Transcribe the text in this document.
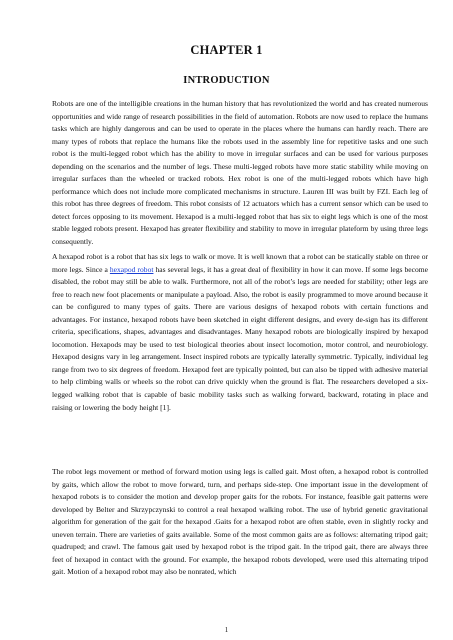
CHAPTER 1
INTRODUCTION

Robots are one of the intelligible creations in the human history that has revolutionized the world and has created numerous opportunities and wide range of research possibilities in the field of automation. Robots are now used to replace the humans tasks which are highly dangerous and can be used to operate in the places where the humans can hardly reach. There are many types of robots that replace the humans like the robots used in the assembly line for repetitive tasks and one such robot is the multi-legged robot which has the ability to move in irregular surfaces and can be used for various purposes depending on the scenarios and the number of legs. These multi-legged robots have more static stability while moving on irregular surfaces than the wheeled or tracked robots. Hex robot is one of the multi-legged robots which have high performance which does not include more complicated mechanisms in structure. Lauren III was built by FZI. Each leg of this robot has three degrees of freedom. This robot consists of 12 actuators which has a current sensor which can be used to detect forces opposing to its movement. Hexapod is a multi-legged robot that has six to eight legs which is one of the most stable legged robots present. Hexapod has greater flexibility and stability to move in irregular plateform by using three legs consequently.

A hexapod robot is a robot that has six legs to walk or move. It is well known that a robot can be statically stable on three or more legs. Since a hexapod robot has several legs, it has a great deal of flexibility in how it can move. If some legs become disabled, the robot may still be able to walk. Furthermore, not all of the robot’s legs are needed for stability; other legs are free to reach new foot placements or manipulate a payload. Also, the robot is easily programmed to move around because it can be configured to many types of gaits. There are various designs of hexapod robots with certain functions and advantages. For instance, hexapod robots have been sketched in eight different designs, and every de-sign has its different criteria, specifications, shapes, advantages and disadvantages. Many hexapod robots are biologically inspired by hexapod locomotion. Hexapods may be used to test biological theories about insect locomotion, motor control, and neurobiology. Hexapod designs vary in leg arrangement. Insect inspired robots are typically laterally symmetric. Typically, individual leg range from two to six degrees of freedom. Hexapod feet are typically pointed, but can also be tipped with adhesive material to help climbing walls or wheels so the robot can drive quickly when the ground is flat. The researchers developed a six-legged walking robot that is capable of basic mobility tasks such as walking forward, backward, rotating in place and raising or lowering the body height [1].

The robot legs movement or method of forward motion using legs is called gait. Most often, a hexapod robot is controlled by gaits, which allow the robot to move forward, turn, and perhaps side-step. One important issue in the development of hexapod robots is to consider the motion and develop proper gaits for the robots. For instance, feasible gait patterns were developed by Belter and Skrzypczynski to control a real hexapod walking robot. The use of hybrid genetic gravitational algorithm for generation of the gait for the hexapod .Gaits for a hexapod robot are often stable, even in slightly rocky and uneven terrain. There are varieties of gaits available. Some of the most common gaits are as follows: alternating tripod gait; quadruped; and crawl. The famous gait used by hexapod robot is the tripod gait. In the tripod gait, there are always three feet of hexapod in contact with the ground. For example, the hexapod robots developed, were used this alternating tripod gait. Motion of a hexapod robot may also be nonrated, which

1
